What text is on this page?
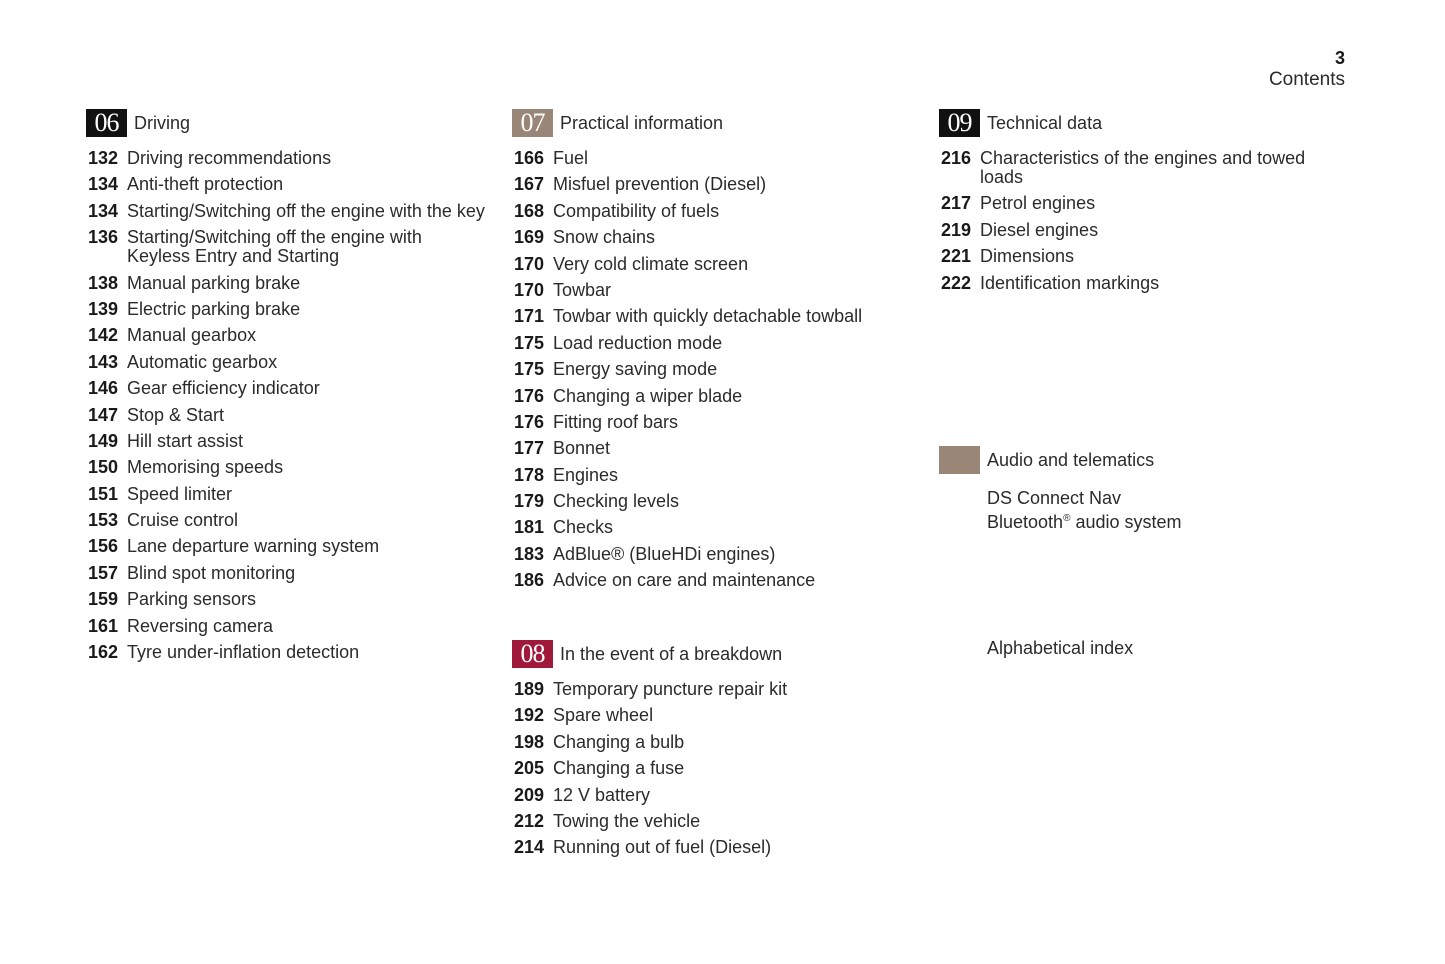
3
Contents
06 Driving
132 Driving recommendations
134 Anti-theft protection
134 Starting/Switching off the engine with the key
136 Starting/Switching off the engine with Keyless Entry and Starting
138 Manual parking brake
139 Electric parking brake
142 Manual gearbox
143 Automatic gearbox
146 Gear efficiency indicator
147 Stop & Start
149 Hill start assist
150 Memorising speeds
151 Speed limiter
153 Cruise control
156 Lane departure warning system
157 Blind spot monitoring
159 Parking sensors
161 Reversing camera
162 Tyre under-inflation detection
07 Practical information
166 Fuel
167 Misfuel prevention (Diesel)
168 Compatibility of fuels
169 Snow chains
170 Very cold climate screen
170 Towbar
171 Towbar with quickly detachable towball
175 Load reduction mode
175 Energy saving mode
176 Changing a wiper blade
176 Fitting roof bars
177 Bonnet
178 Engines
179 Checking levels
181 Checks
183 AdBlue® (BlueHDi engines)
186 Advice on care and maintenance
08 In the event of a breakdown
189 Temporary puncture repair kit
192 Spare wheel
198 Changing a bulb
205 Changing a fuse
209 12 V battery
212 Towing the vehicle
214 Running out of fuel (Diesel)
09 Technical data
216 Characteristics of the engines and towed loads
217 Petrol engines
219 Diesel engines
221 Dimensions
222 Identification markings
Audio and telematics
DS Connect Nav
Bluetooth® audio system
Alphabetical index
